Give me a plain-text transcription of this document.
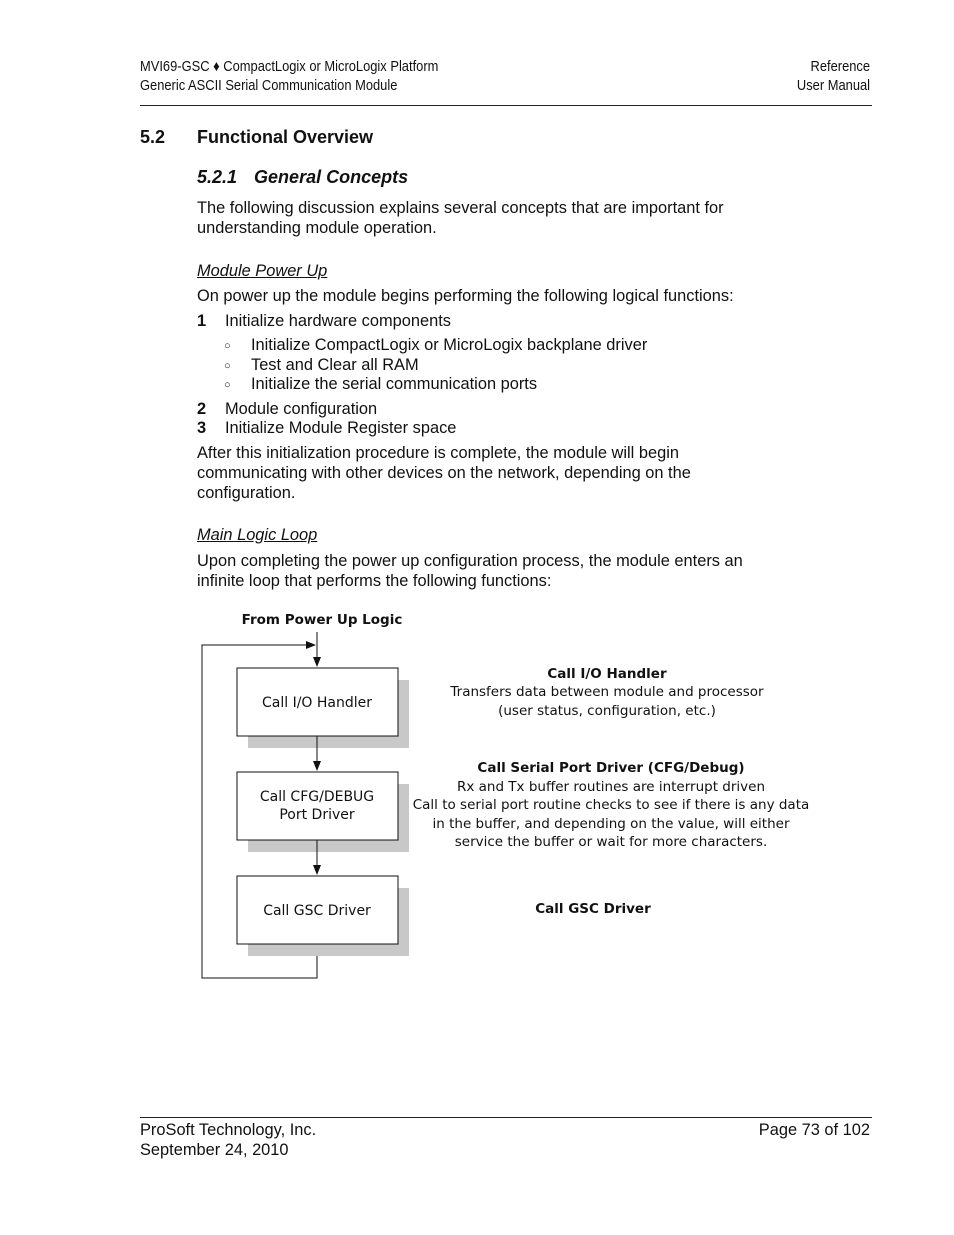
MVI69-GSC ♦ CompactLogix or MicroLogix Platform
Generic ASCII Serial Communication Module
Reference
User Manual
5.2 Functional Overview
5.2.1 General Concepts
The following discussion explains several concepts that are important for
understanding module operation.
Module Power Up
On power up the module begins performing the following logical functions:
1 Initialize hardware components
○ Initialize CompactLogix or MicroLogix backplane driver
○ Test and Clear all RAM
○ Initialize the serial communication ports
2 Module configuration
3 Initialize Module Register space
After this initialization procedure is complete, the module will begin
communicating with other devices on the network, depending on the
configuration.
Main Logic Loop
Upon completing the power up configuration process, the module enters an
infinite loop that performs the following functions:
From Power Up Logic
Call I/O Handler
Call CFG/DEBUG
Port Driver
Call GSC Driver
Call I/O Handler
Transfers data between module and processor
(user status, configuration, etc.)
Call Serial Port Driver (CFG/Debug)
Rx and Tx buffer routines are interrupt driven
Call to serial port routine checks to see if there is any data
in the buffer, and depending on the value, will either
service the buffer or wait for more characters.
Call GSC Driver
ProSoft Technology, Inc.
September 24, 2010
Page 73 of 102
